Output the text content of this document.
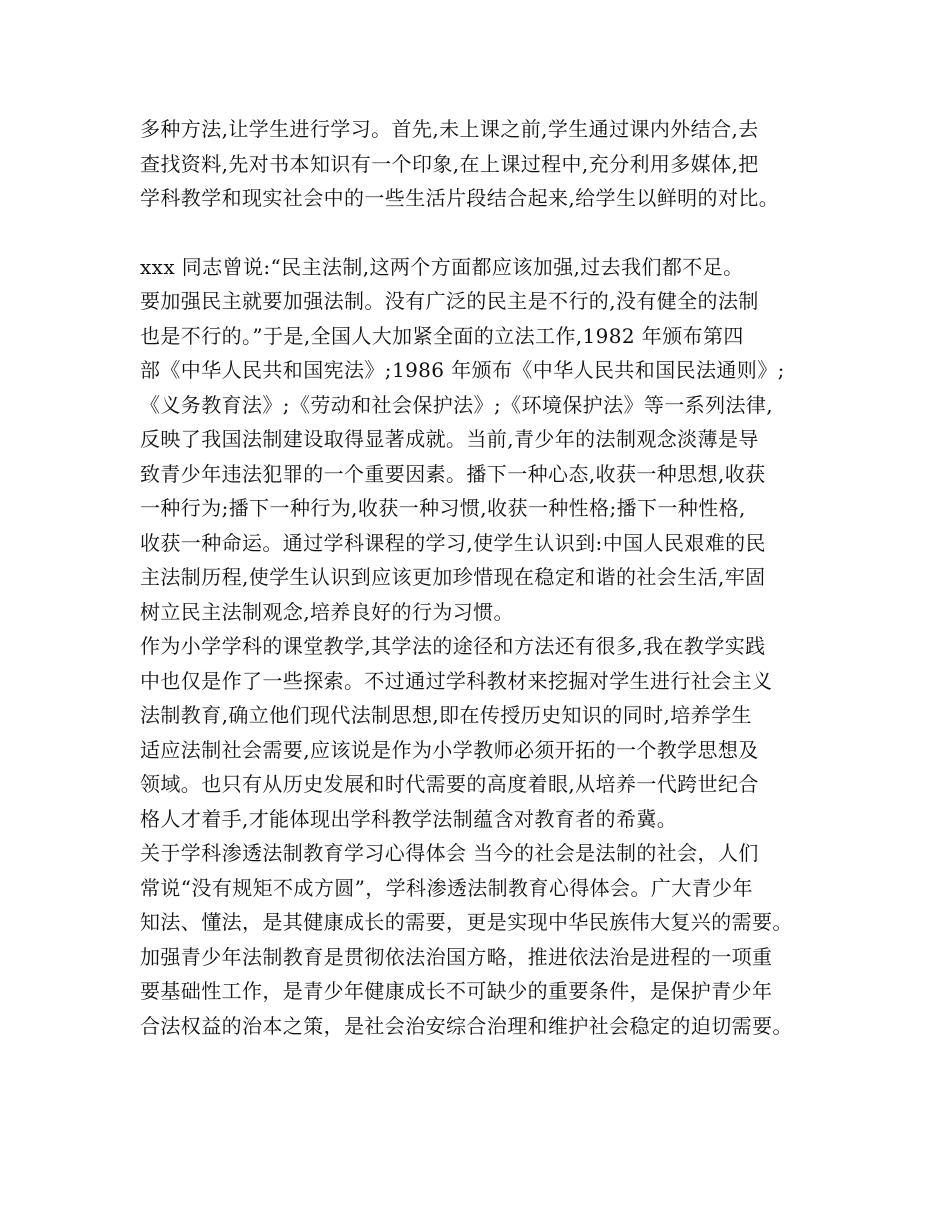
多种方法,让学生进行学习。首先,未上课之前,学生通过课内外结合,去
查找资料,先对书本知识有一个印象,在上课过程中,充分利用多媒体,把
学科教学和现实社会中的一些生活片段结合起来,给学生以鲜明的对比。

xxx 同志曾说:“民主法制,这两个方面都应该加强,过去我们都不足。
要加强民主就要加强法制。没有广泛的民主是不行的,没有健全的法制
也是不行的。”于是,全国人大加紧全面的立法工作,1982 年颁布第四
部《中华人民共和国宪法》;1986 年颁布《中华人民共和国民法通则》;
《义务教育法》;《劳动和社会保护法》;《环境保护法》等一系列法律,
反映了我国法制建设取得显著成就。当前,青少年的法制观念淡薄是导
致青少年违法犯罪的一个重要因素。播下一种心态,收获一种思想,收获
一种行为;播下一种行为,收获一种习惯,收获一种性格;播下一种性格,
收获一种命运。通过学科课程的学习,使学生认识到:中国人民艰难的民
主法制历程,使学生认识到应该更加珍惜现在稳定和谐的社会生活,牢固
树立民主法制观念,培养良好的行为习惯。

作为小学学科的课堂教学,其学法的途径和方法还有很多,我在教学实践
中也仅是作了一些探索。不过通过学科教材来挖掘对学生进行社会主义
法制教育,确立他们现代法制思想,即在传授历史知识的同时,培养学生
适应法制社会需要,应该说是作为小学教师必须开拓的一个教学思想及
领域。也只有从历史发展和时代需要的高度着眼,从培养一代跨世纪合
格人才着手,才能体现出学科教学法制蕴含对教育者的希冀。

关于学科渗透法制教育学习心得体会 当今的社会是法制的社会，人们
常说“没有规矩不成方圆”，学科渗透法制教育心得体会。广大青少年
知法、懂法，是其健康成长的需要，更是实现中华民族伟大复兴的需要。
加强青少年法制教育是贯彻依法治国方略，推进依法治是进程的一项重
要基础性工作，是青少年健康成长不可缺少的重要条件，是保护青少年
合法权益的治本之策，是社会治安综合治理和维护社会稳定的迫切需要。
